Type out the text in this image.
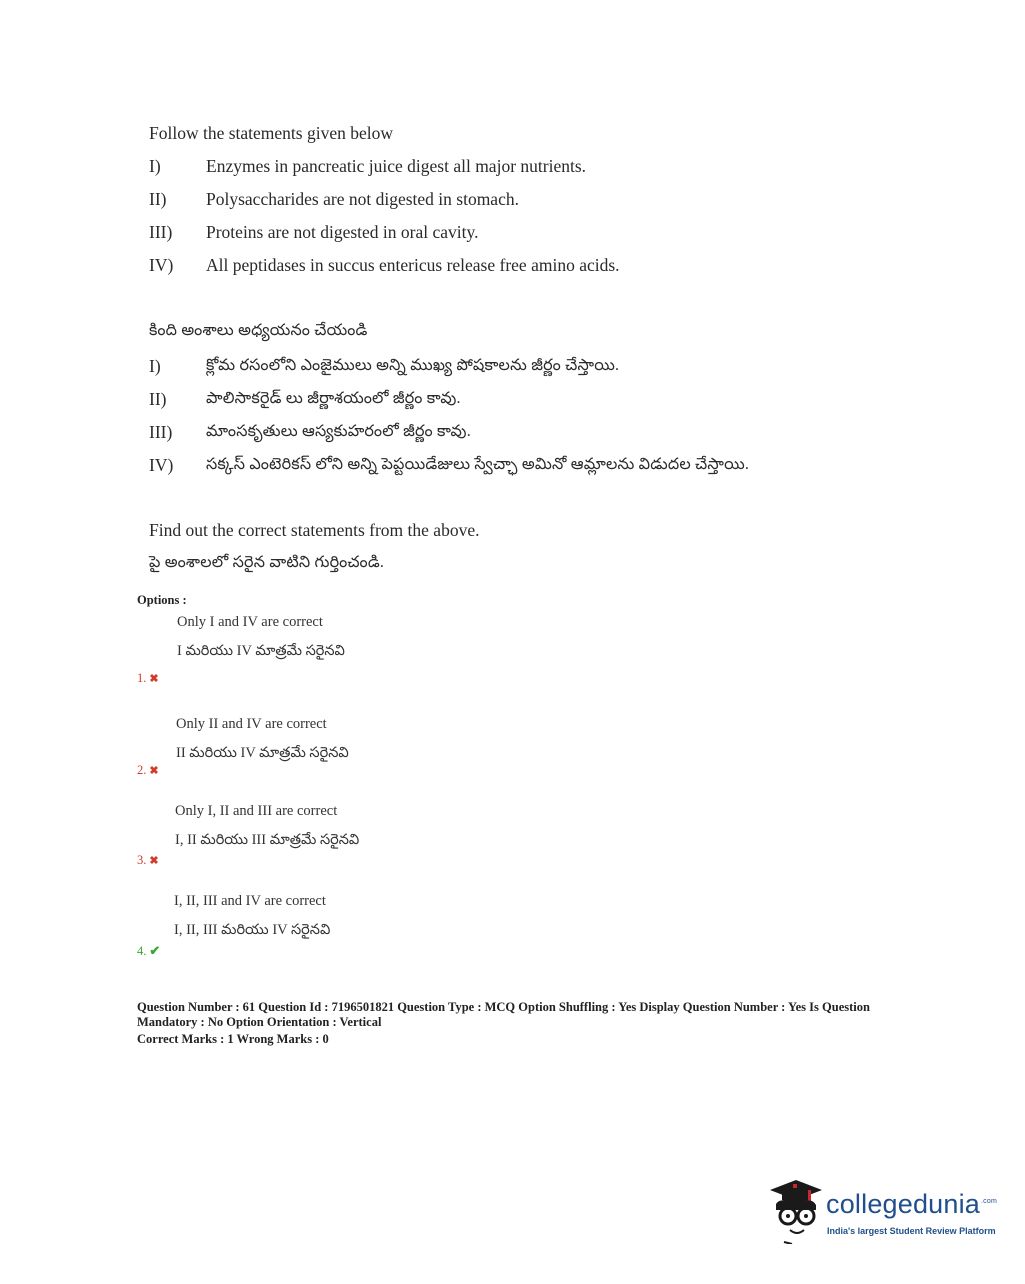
Follow the statements given below
I)	Enzymes in pancreatic juice digest all major nutrients.
II) Polysaccharides are not digested in stomach.
III) Proteins are not digested in oral cavity.
IV) All peptidases in succus entericus release free amino acids.
కింది అంశాలు అధ్యయనం చేయండి
I)	క్లోమ రసంలోని ఎంజైములు అన్ని ముఖ్య పోషకాలను జీర్ణం చేస్తాయి.
II) పాలిసాకరైడ్ లు జీర్ణాశయంలో జీర్ణం కావు.
III) మాంసకృతులు ఆస్యకుహరంలో జీర్ణం కావు.
IV) సక్కస్ ఎంటెరికస్ లోని అన్ని పెప్టయిడేజులు స్వేచ్ఛా అమినో ఆమ్లాలను విడుదల చేస్తాయి.
Find out the correct statements from the above.
పై అంశాలలో సరైన వాటిని గుర్తించండి.
Options :
Only I and IV are correct
I మరియు IV మాత్రమే సరైనవి
1. ✖
Only II and IV are correct
II మరియు IV మాత్రమే సరైనవి
2. ✖
Only I, II and III are correct
I, II మరియు III మాత్రమే సరైనవి
3. ✖
I, II, III and IV are correct
I, II, III మరియు IV సరైనవి
4. ✔
Question Number : 61 Question Id : 7196501821 Question Type : MCQ Option Shuffling : Yes Display Question Number : Yes Is Question
Mandatory : No Option Orientation : Vertical
Correct Marks : 1 Wrong Marks : 0
collegedunia$^{.com}$
India's largest Student Review Platform
